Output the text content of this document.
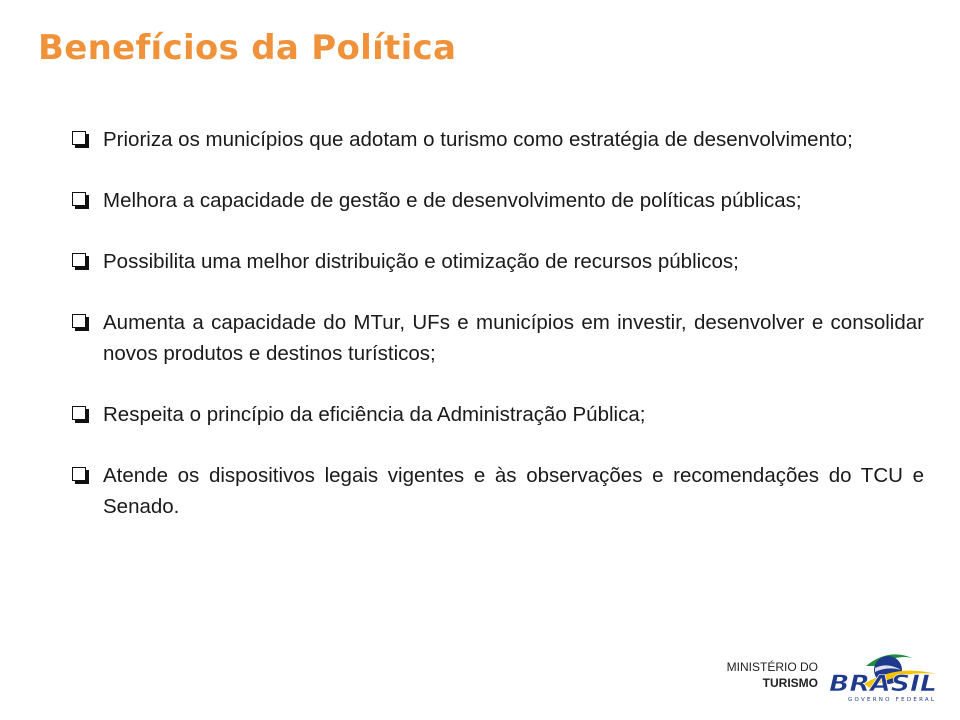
Benefícios da Política
Prioriza os municípios que adotam o turismo como estratégia de desenvolvimento;
Melhora a capacidade de gestão e de desenvolvimento de políticas públicas;
Possibilita uma melhor distribuição e otimização de recursos públicos;
Aumenta a capacidade do MTur, UFs e municípios em investir, desenvolver e consolidar novos produtos e destinos turísticos;
Respeita o princípio da eficiência da Administração Pública;
Atende os dispositivos legais vigentes e às observações e recomendações do TCU e Senado.
MINISTÉRIO DO
TURISMO BRASIL
GOVERNO FEDERAL
